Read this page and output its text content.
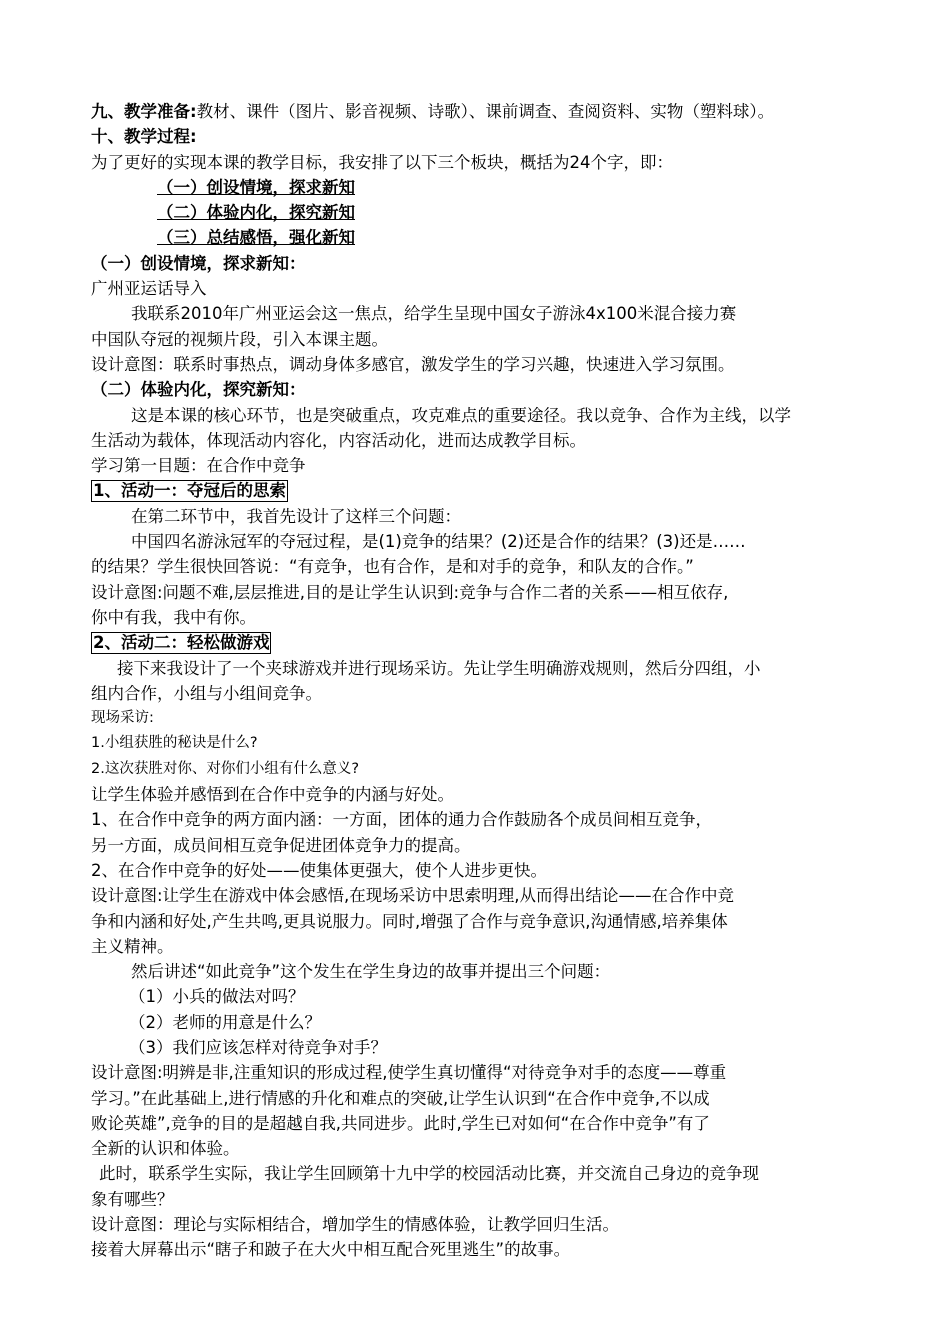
九、教学准备:教材、课件（图片、影音视频、诗歌）、课前调查、查阅资料、实物（塑料球）。

十、教学过程:

为了更好的实现本课的教学目标，我安排了以下三个板块，概括为24个字，即：

（一）创设情境，探求新知

（二）体验内化，探究新知

（三）总结感悟，强化新知

（一）创设情境，探求新知：

广州亚运话导入

我联系2010年广州亚运会这一焦点，给学生呈现中国女子游泳4x100米混合接力赛

中国队夺冠的视频片段，引入本课主题。

设计意图：联系时事热点，调动身体多感官，激发学生的学习兴趣，快速进入学习氛围。

（二）体验内化，探究新知：

这是本课的核心环节，也是突破重点，攻克难点的重要途径。我以竞争、合作为主线，以学

生活动为载体，体现活动内容化，内容活动化，进而达成教学目标。

学习第一目题：在合作中竞争

1、活动一：夺冠后的思索

在第二环节中，我首先设计了这样三个问题：

中国四名游泳冠军的夺冠过程，是(1)竞争的结果？(2)还是合作的结果？(3)还是……

的结果？学生很快回答说：“有竞争，也有合作，是和对手的竞争，和队友的合作。”

设计意图:问题不难,层层推进,目的是让学生认识到:竞争与合作二者的关系——相互依存,

你中有我，我中有你。

2、活动二：轻松做游戏

接下来我设计了一个夹球游戏并进行现场采访。先让学生明确游戏规则，然后分四组，小

组内合作，小组与小组间竞争。

现场采访:

1.小组获胜的秘诀是什么?

2.这次获胜对你、对你们小组有什么意义?

让学生体验并感悟到在合作中竞争的内涵与好处。

1、在合作中竞争的两方面内涵：一方面，团体的通力合作鼓励各个成员间相互竞争，

另一方面，成员间相互竞争促进团体竞争力的提高。

2、在合作中竞争的好处——使集体更强大，使个人进步更快。

设计意图:让学生在游戏中体会感悟,在现场采访中思索明理,从而得出结论——在合作中竞

争和内涵和好处,产生共鸣,更具说服力。同时,增强了合作与竞争意识,沟通情感,培养集体

主义精神。

然后讲述“如此竞争”这个发生在学生身边的故事并提出三个问题：

（1）小兵的做法对吗？

（2）老师的用意是什么？

（3）我们应该怎样对待竞争对手？

设计意图:明辨是非,注重知识的形成过程,使学生真切懂得“对待竞争对手的态度——尊重

学习。”在此基础上,进行情感的升化和难点的突破,让学生认识到“在合作中竞争,不以成

败论英雄”,竞争的目的是超越自我,共同进步。此时,学生已对如何“在合作中竞争”有了

全新的认识和体验。

此时，联系学生实际，我让学生回顾第十九中学的校园活动比赛，并交流自己身边的竞争现

象有哪些？

设计意图：理论与实际相结合，增加学生的情感体验，让教学回归生活。

接着大屏幕出示“瞎子和跛子在大火中相互配合死里逃生”的故事。
